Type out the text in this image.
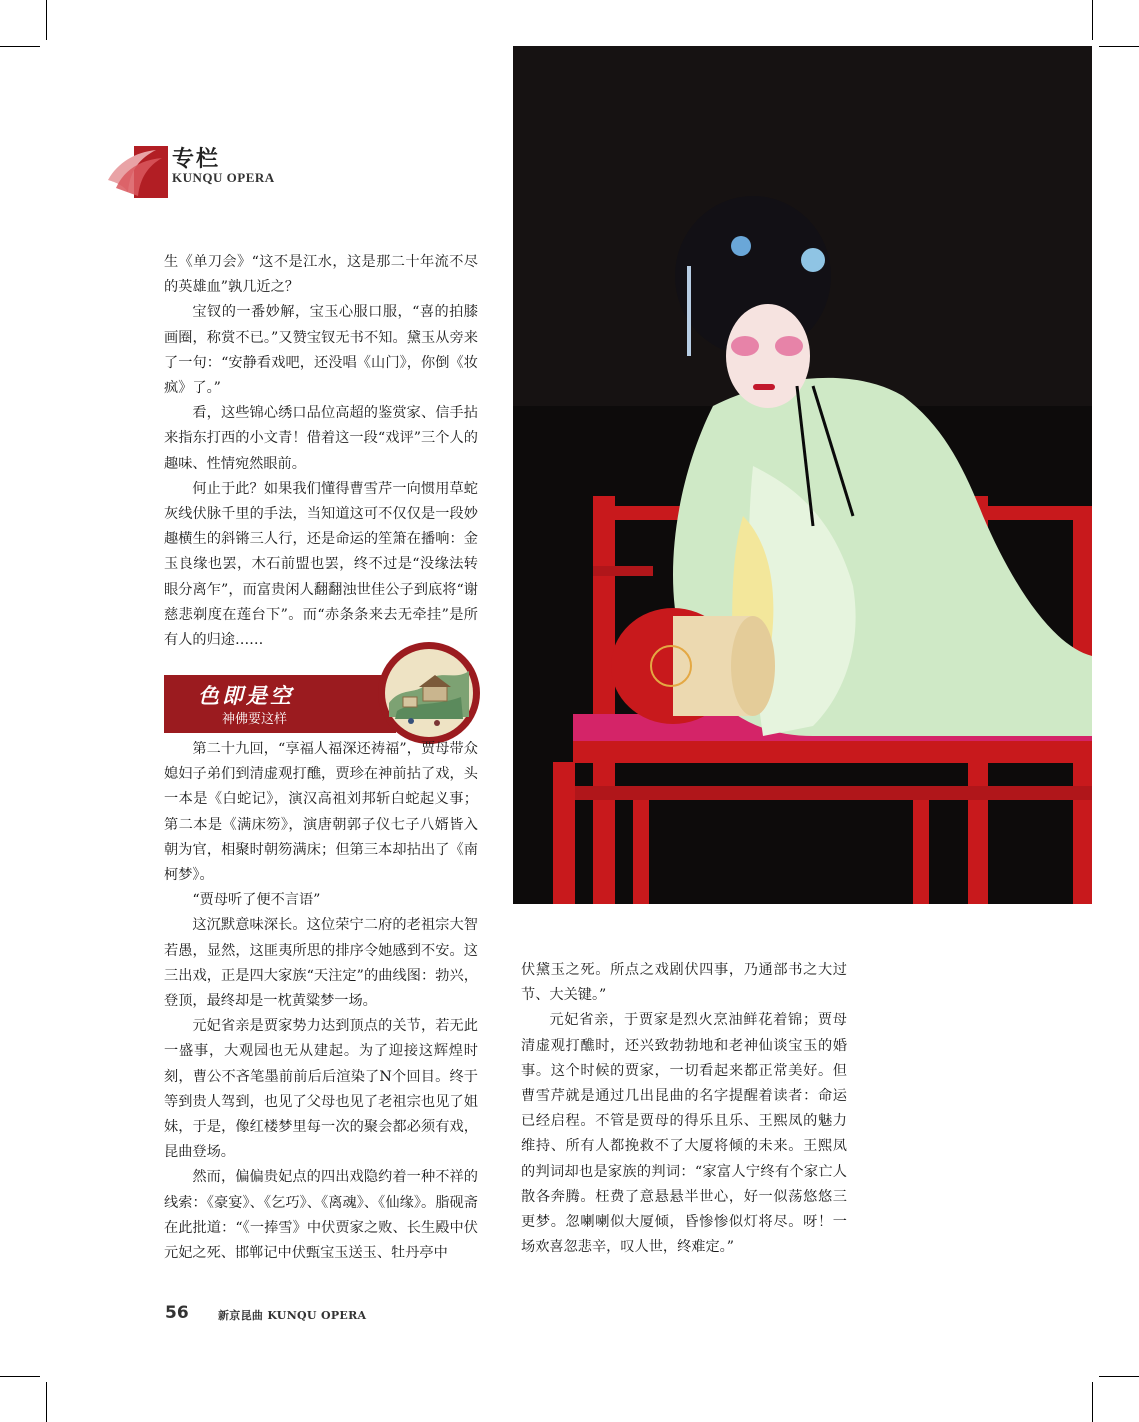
专栏
KUNQU OPERA

生《单刀会》“这不是江水，这是那二十年流不尽的英雄血”孰几近之？

宝钗的一番妙解，宝玉心服口服，“喜的拍膝画圈，称赏不已。”又赞宝钗无书不知。黛玉从旁来了一句：“安静看戏吧，还没唱《山门》，你倒《妆疯》了。”

看，这些锦心绣口品位高超的鉴赏家、信手拈来指东打西的小文青！借着这一段“戏评”三个人的趣味、性情宛然眼前。

何止于此？如果我们懂得曹雪芹一向惯用草蛇灰线伏脉千里的手法，当知道这可不仅仅是一段妙趣横生的斜锵三人行，还是命运的笙箫在播响：金玉良缘也罢，木石前盟也罢，终不过是“没缘法转眼分离乍”，而富贵闲人翻翻浊世佳公子到底将“谢慈悲剃度在莲台下”。而“赤条条来去无牵挂”是所有人的归途……

色即是空
神佛要这样

第二十九回，“享福人福深还祷福”，贾母带众媳妇子弟们到清虚观打醮，贾珍在神前拈了戏，头一本是《白蛇记》，演汉高祖刘邦斩白蛇起义事；第二本是《满床笏》，演唐朝郭子仪七子八婿皆入朝为官，相聚时朝笏满床；但第三本却拈出了《南柯梦》。

“贾母听了便不言语”

这沉默意味深长。这位荣宁二府的老祖宗大智若愚，显然，这匪夷所思的排序令她感到不安。这三出戏，正是四大家族“天注定”的曲线图：勃兴，登顶，最终却是一枕黄粱梦一场。

元妃省亲是贾家势力达到顶点的关节，若无此一盛事，大观园也无从建起。为了迎接这辉煌时刻，曹公不吝笔墨前前后后渲染了N个回目。终于等到贵人驾到，也见了父母也见了老祖宗也见了姐妹，于是，像红楼梦里每一次的聚会都必须有戏，昆曲登场。

然而，偏偏贵妃点的四出戏隐约着一种不祥的线索：《豪宴》、《乞巧》、《离魂》、《仙缘》。脂砚斋在此批道：“《一捧雪》中伏贾家之败、长生殿中伏元妃之死、邯郸记中伏甄宝玉送玉、牡丹亭中

伏黛玉之死。所点之戏剧伏四事，乃通部书之大过节、大关键。”

元妃省亲，于贾家是烈火烹油鲜花着锦；贾母清虚观打醮时，还兴致勃勃地和老神仙谈宝玉的婚事。这个时候的贾家，一切看起来都正常美好。但曹雪芹就是通过几出昆曲的名字提醒着读者：命运已经启程。不管是贾母的得乐且乐、王熙凤的魅力维持、所有人都挽救不了大厦将倾的未来。王熙凤的判词却也是家族的判词：“家富人宁终有个家亡人散各奔腾。枉费了意悬悬半世心，好一似荡悠悠三更梦。忽喇喇似大厦倾，昏惨惨似灯将尽。呀！一场欢喜忽悲辛，叹人世，终难定。”

56	新京昆曲 KUNQU OPERA
